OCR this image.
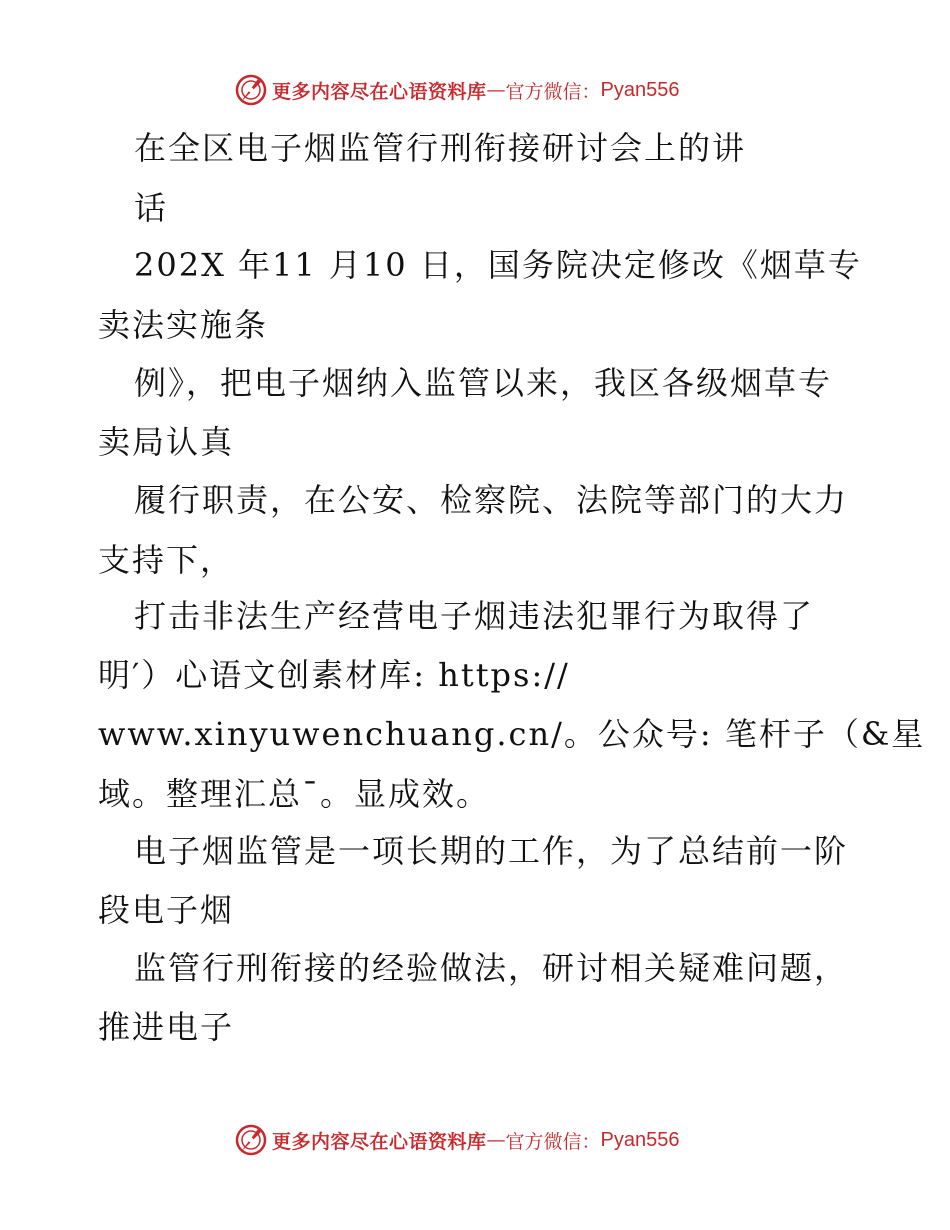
更多内容尽在心语资料库 — 官方微信： Pyan556
在全区电子烟监管行刑衔接研讨会上的讲
话
202X 年11 月10 日，国务院决定修改《烟草专
卖法实施条
例》，把电子烟纳入监管以来，我区各级烟草专
卖局认真
履行职责，在公安、检察院、法院等部门的大力
支持下，
打击非法生产经营电子烟违法犯罪行为取得了
明′）心语文创素材库: https://
www.xinyuwenchuang.cn/。公众号: 笔杆子（&星
域。整理汇总¯。显成效。
电子烟监管是一项长期的工作，为了总结前一阶
段电子烟
监管行刑衔接的经验做法，研讨相关疑难问题，
推进电子
更多内容尽在心语资料库 — 官方微信： Pyan556
